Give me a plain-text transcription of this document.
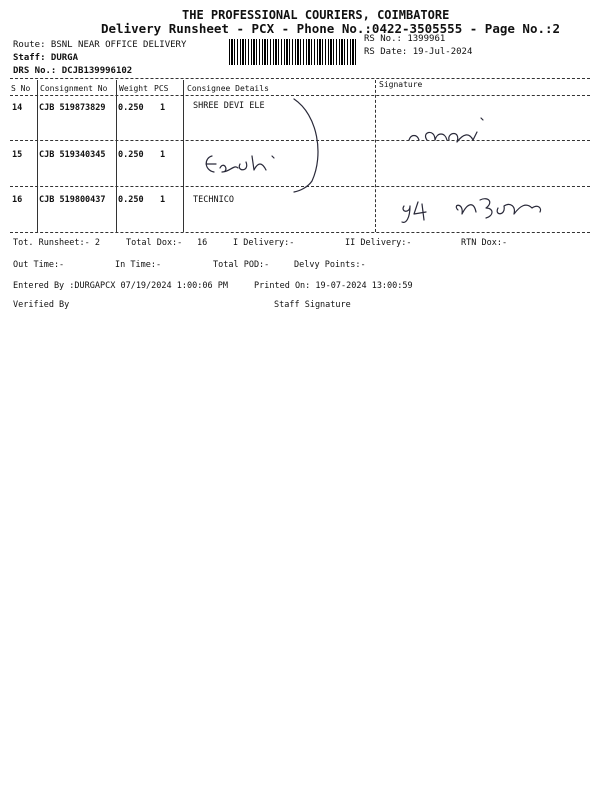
THE PROFESSIONAL COURIERS, COIMBATORE
Delivery Runsheet - PCX - Phone No.:0422-3505555 - Page No.:2
Route: BSNL NEAR OFFICE DELIVERY
Staff: DURGA
DRS No.: DCJB139996102
RS No.: 1399961
RS Date: 19-Jul-2024
S No Consignment No Weight PCS Consignee Details	Signature
14 CJB 519873829 0.250 1	SHREE DEVI ELE
15 CJB 519340345 0.250 1
16 CJB 519800437 0.250 1	TECHNICO
Tot. Runsheet:- 2	Total Dox:- 16	I Delivery:-	II Delivery:-	RTN Dox:-
Out Time:-	In Time:-	Total POD:-	Delvy Points:-
Entered By :DURGAPCX 07/19/2024 1:00:06 PM	Printed On: 19-07-2024 13:00:59
Verified By	Staff Signature
